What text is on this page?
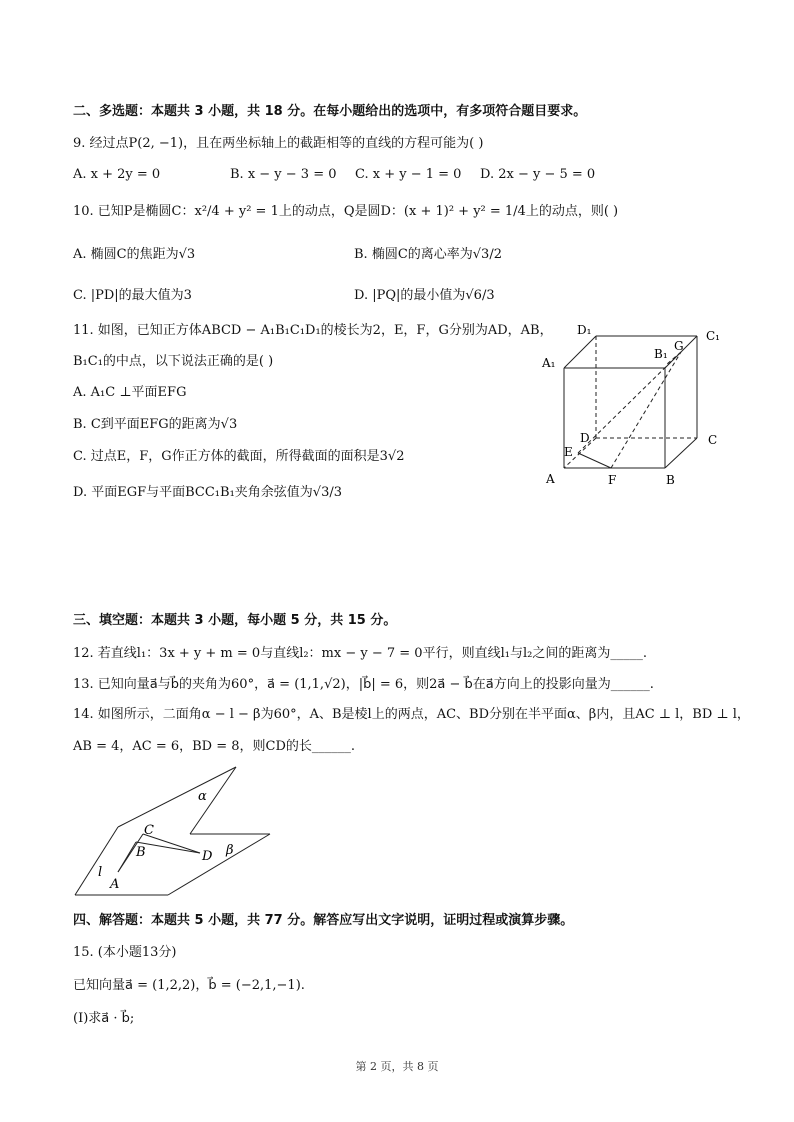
二、多选题：本题共 3 小题，共 18 分。在每小题给出的选项中，有多项符合题目要求。
9. 经过点P(2, −1)，且在两坐标轴上的截距相等的直线的方程可能为( )
A. x + 2y = 0	B. x − y − 3 = 0 C. x + y − 1 = 0 D. 2x − y − 5 = 0
10. 已知P是椭圆C：x²/4 + y² = 1上的动点，Q是圆D：(x + 1)² + y² = 1/4上的动点，则( )
A. 椭圆C的焦距为√3	B. 椭圆C的离心率为√3/2
C. |PD|的最大值为3	D. |PQ|的最小值为√6/3
11. 如图，已知正方体ABCD − A₁B₁C₁D₁的棱长为2，E，F，G分别为AD，AB，
B₁C₁的中点，以下说法正确的是( )
A. A₁C ⊥平面EFG
B. C到平面EFG的距离为√3
C. 过点E，F，G作正方体的截面，所得截面的面积是3√2
D. 平面EGF与平面BCC₁B₁夹角余弦值为√3/3
D₁	C₁
A₁
B₁
G
D	C
E
A	F	B
三、填空题：本题共 3 小题，每小题 5 分，共 15 分。
12. 若直线l₁：3x + y + m = 0与直线l₂：mx − y − 7 = 0平行，则直线l₁与l₂之间的距离为_____.
13. 已知向量a⃗与b⃗的夹角为60°，a⃗ = (1,1,√2)，|b⃗| = 6，则2a⃗ − b⃗在a⃗方向上的投影向量为______.
14. 如图所示，二面角α − l − β为60°，A、B是棱l上的两点，AC、BD分别在半平面α、β内，且AC ⊥ l，BD ⊥ l，
AB = 4，AC = 6，BD = 8，则CD的长______.
α
β
C
B	D
l
A
四、解答题：本题共 5 小题，共 77 分。解答应写出文字说明，证明过程或演算步骤。
15. (本小题13分)
已知向量a⃗ = (1,2,2)，b⃗ = (−2,1,−1).
(I)求a⃗ · b⃗;
第 2 页，共 8 页
